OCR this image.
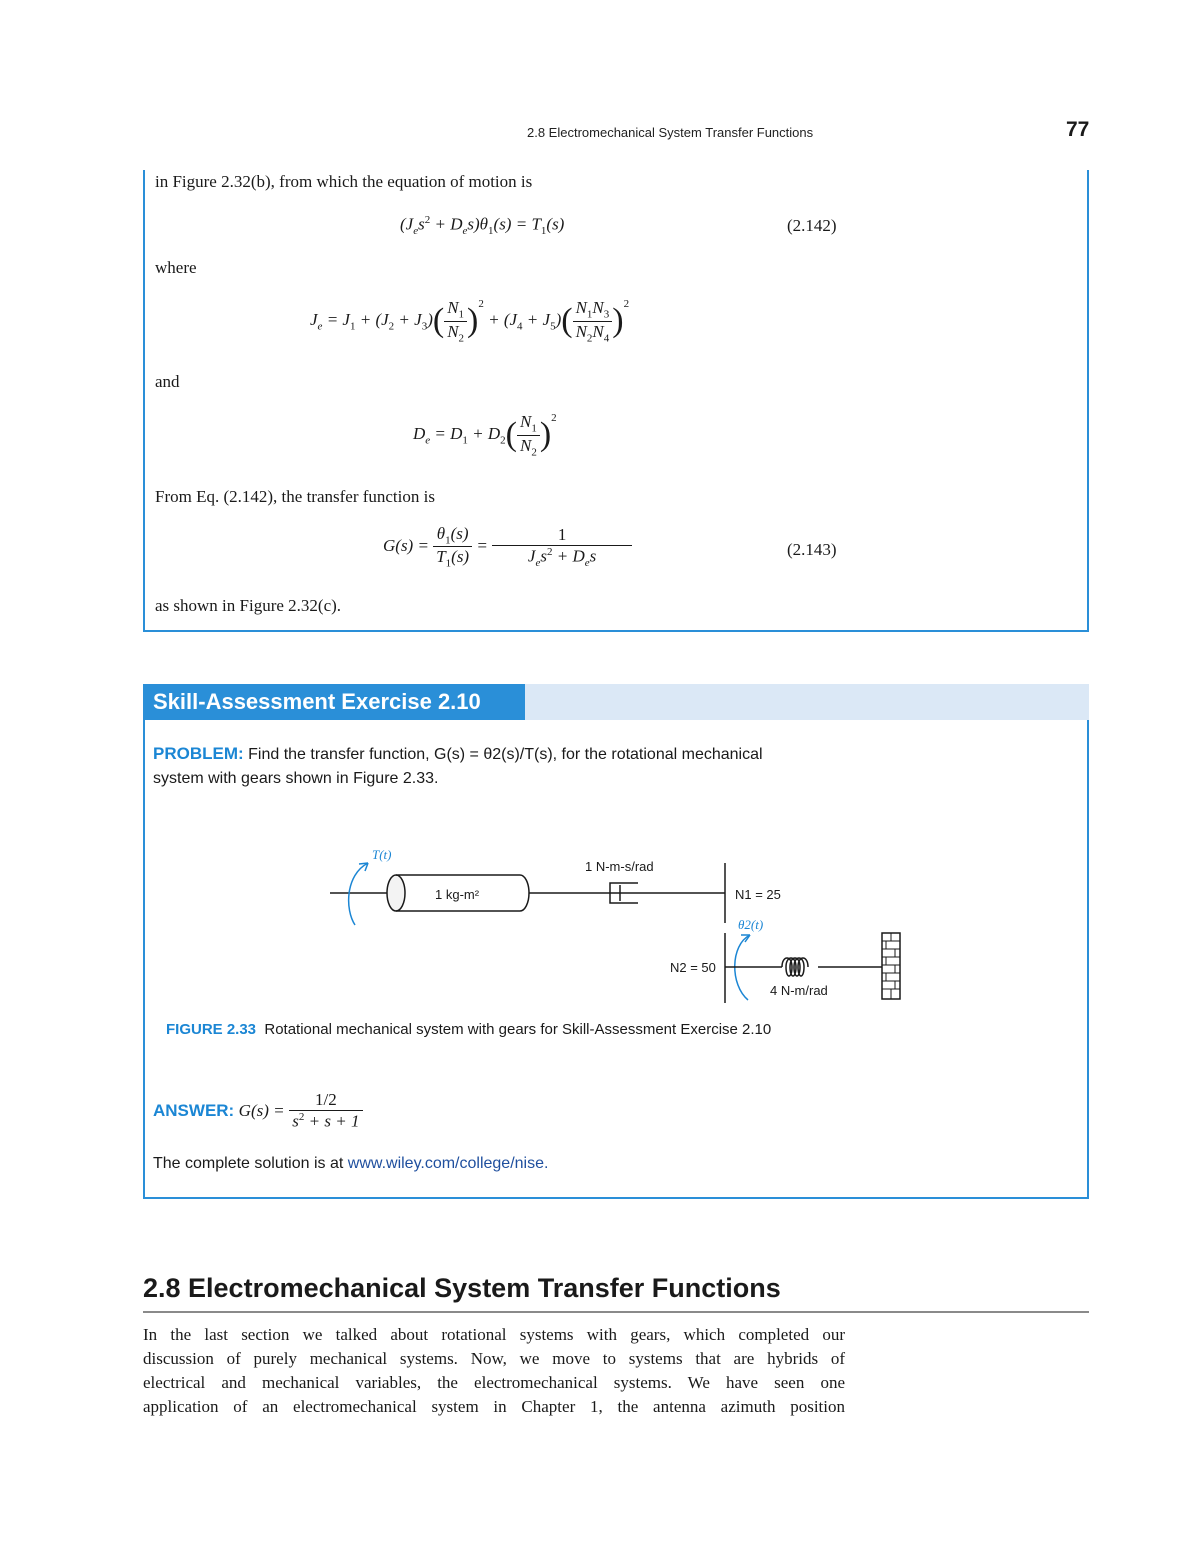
2.8 Electromechanical System Transfer Functions	77
in Figure 2.32(b), from which the equation of motion is
$(J_es^2 + D_es)\theta_1(s) = T_1(s)$	(2.142)
where
$J_e = J_1 + (J_2 + J_3)( \frac{N_1}{N_2} )^2 + (J_4 + J_5)( \frac{N_1N_3}{N_2N_4} )^2$
and
$D_e = D_1 + D_2( \frac{N_1}{N_2} )^2$
From Eq. (2.142), the transfer function is
$G(s) = \frac{\theta_1(s)}{T_1(s)} = \frac{1}{J_es^2 + D_es}$	(2.143)
as shown in Figure 2.32(c).
Skill-Assessment Exercise 2.10
PROBLEM: Find the transfer function, G(s) = θ2(s)/T(s), for the rotational mechanical
system with gears shown in Figure 2.33.
T(t)
1 kg-m²
1 N-m-s/rad
N1 = 25
θ2(t)
N2 = 50
4 N-m/rad
FIGURE 2.33 Rotational mechanical system with gears for Skill-Assessment Exercise 2.10
ANSWER: $G(s) = \frac{1/2}{s^2 + s + 1}$
The complete solution is at www.wiley.com/college/nise.
2.8 Electromechanical System Transfer Functions
In the last section we talked about rotational systems with gears, which completed our
discussion of purely mechanical systems. Now, we move to systems that are hybrids of
electrical and mechanical variables, the electromechanical systems. We have seen one
application of an electromechanical system in Chapter 1, the antenna azimuth position
